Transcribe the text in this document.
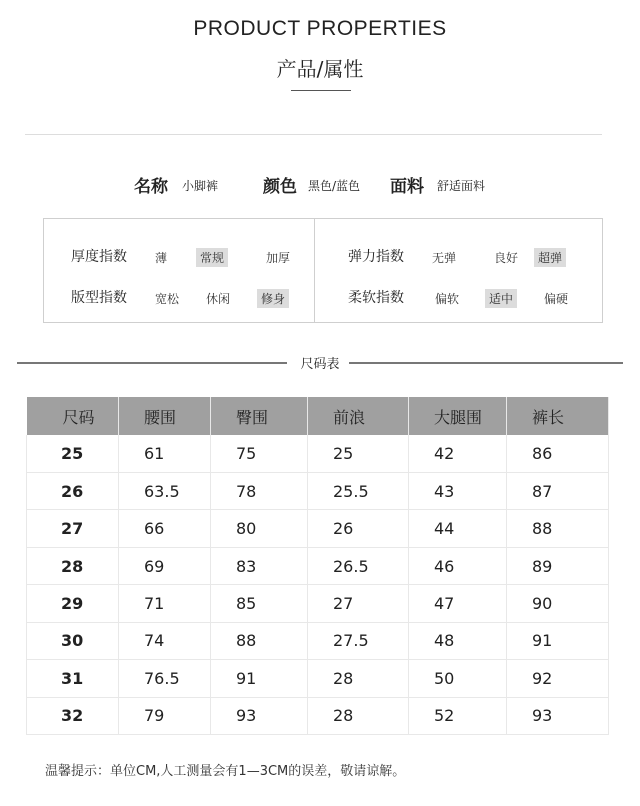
PRODUCT PROPERTIES
产品/属性
名称 小脚裤	颜色 黑色/蓝色 面料 舒适面料
厚度指数 薄	常规	加厚
版型指数 宽松 休闲	修身
弹力指数 无弹	良好	超弹
柔软指数	偏软	适中	偏硬
尺码表
尺码	腰围	臀围	前浪	大腿围	裤长
25	61	75	25	42	86
26	63.5	78	25.5	43	87
27	66	80	26	44	88
28	69	83	26.5	46	89
29	71	85	27	47	90
30	74	88	27.5	48	91
31	76.5	91	28	50	92
32	79	93	28	52	93
温馨提示：单位CM,人工测量会有1—3CM的误差，敬请谅解。
